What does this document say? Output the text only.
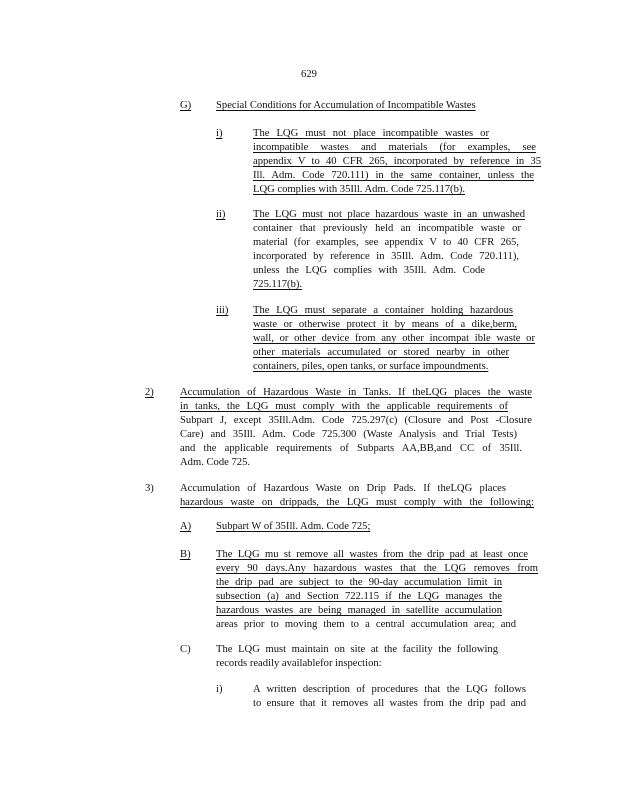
629
G) Special Conditions for Accumulation of Incompatible Wastes
i)	The LQG must not place incompatible wastes or
incompatible wastes and materials (for examples, see
appendix V to 40 CFR 265, incorporated by reference in 35
Ill. Adm. Code 720.111) in the same container, unless the
LQG complies with 35Ill. Adm. Code 725.117(b).
ii)	The LQG must not place hazardous waste in an unwashed
container that previously held an incompatible waste or
material (for examples, see appendix V to 40 CFR 265,
incorporated by reference in 35Ill. Adm. Code 720.111),
unless the LQG complies with 35Ill. Adm. Code
725.117(b).
iii) The LQG must separate a container holding hazardous
waste or otherwise protect it by means of a dike,berm,
wall, or other device from any other incompat ible waste or
other materials accumulated or stored nearby in other
containers, piles, open tanks, or surface impoundments.
2) Accumulation of Hazardous Waste in Tanks. If theLQG places the waste
in tanks, the LQG must comply with the applicable requirements of
Subpart J, except 35Ill.Adm. Code 725.297(c) (Closure and Post -Closure
Care) and 35Ill. Adm. Code 725.300 (Waste Analysis and Trial Tests)
and the applicable requirements of Subparts AA,BB,and CC of 35Ill.
Adm. Code 725.
3) Accumulation of Hazardous Waste on Drip Pads. If theLQG places
hazardous waste on drippads, the LQG must comply with the following:
A) Subpart W of 35Ill. Adm. Code 725;
B) The LQG mu st remove all wastes from the drip pad at least once
every 90 days.Any hazardous wastes that the LQG removes from
the drip pad are subject to the 90-day accumulation limit in
subsection (a) and Section 722.115 if the LQG manages the
hazardous wastes are being managed in satellite accumulation
areas prior to moving them to a central accumulation area; and
C) The LQG must maintain on site at the facility the following
records readily availablefor inspection:
i)	A written description of procedures that the LQG follows
to ensure that it removes all wastes from the drip pad and
